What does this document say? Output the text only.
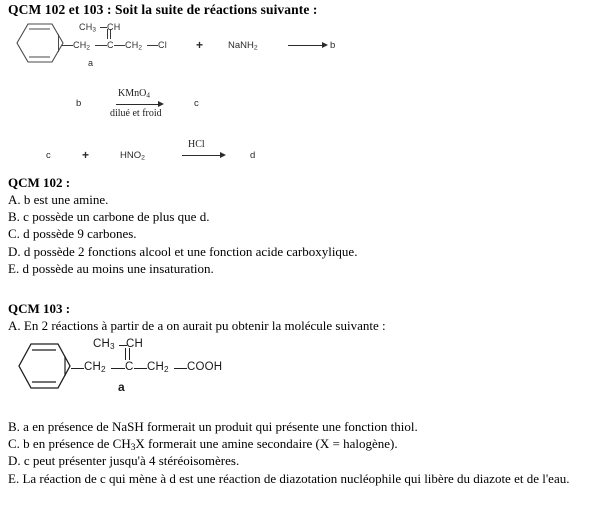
QCM 102 et 103 : Soit la suite de réactions suivante :
$CH_2$ C $CH_2$ Cl
$CH_3$ CH
a
+	NaNH$_2$	b
b
KMnO$_4$
dilué et froid
c
c	+	$HNO_2$
HCl
d

QCM 102 :

A. b est une amine.

B. c possède un carbone de plus que d.

C. d possède 9 carbones.

D. d possède 2 fonctions alcool et une fonction acide carboxylique.

E. d possède au moins une insaturation.

QCM 103 :

A. En 2 réactions à partir de a on aurait pu obtenir la molécule suivante :

$CH_2$ C $CH_2$ COOH
$CH_3$ CH
a

B. a en présence de NaSH formerait un produit qui présente une fonction thiol.

C. b en présence de $CH_3X$ formerait une amine secondaire (X = halogène).

D. c peut présenter jusqu'à 4 stéréoisomères.

E. La réaction de c qui mène à d est une réaction de diazotation nucléophile qui libère du diazote et de l'eau.
